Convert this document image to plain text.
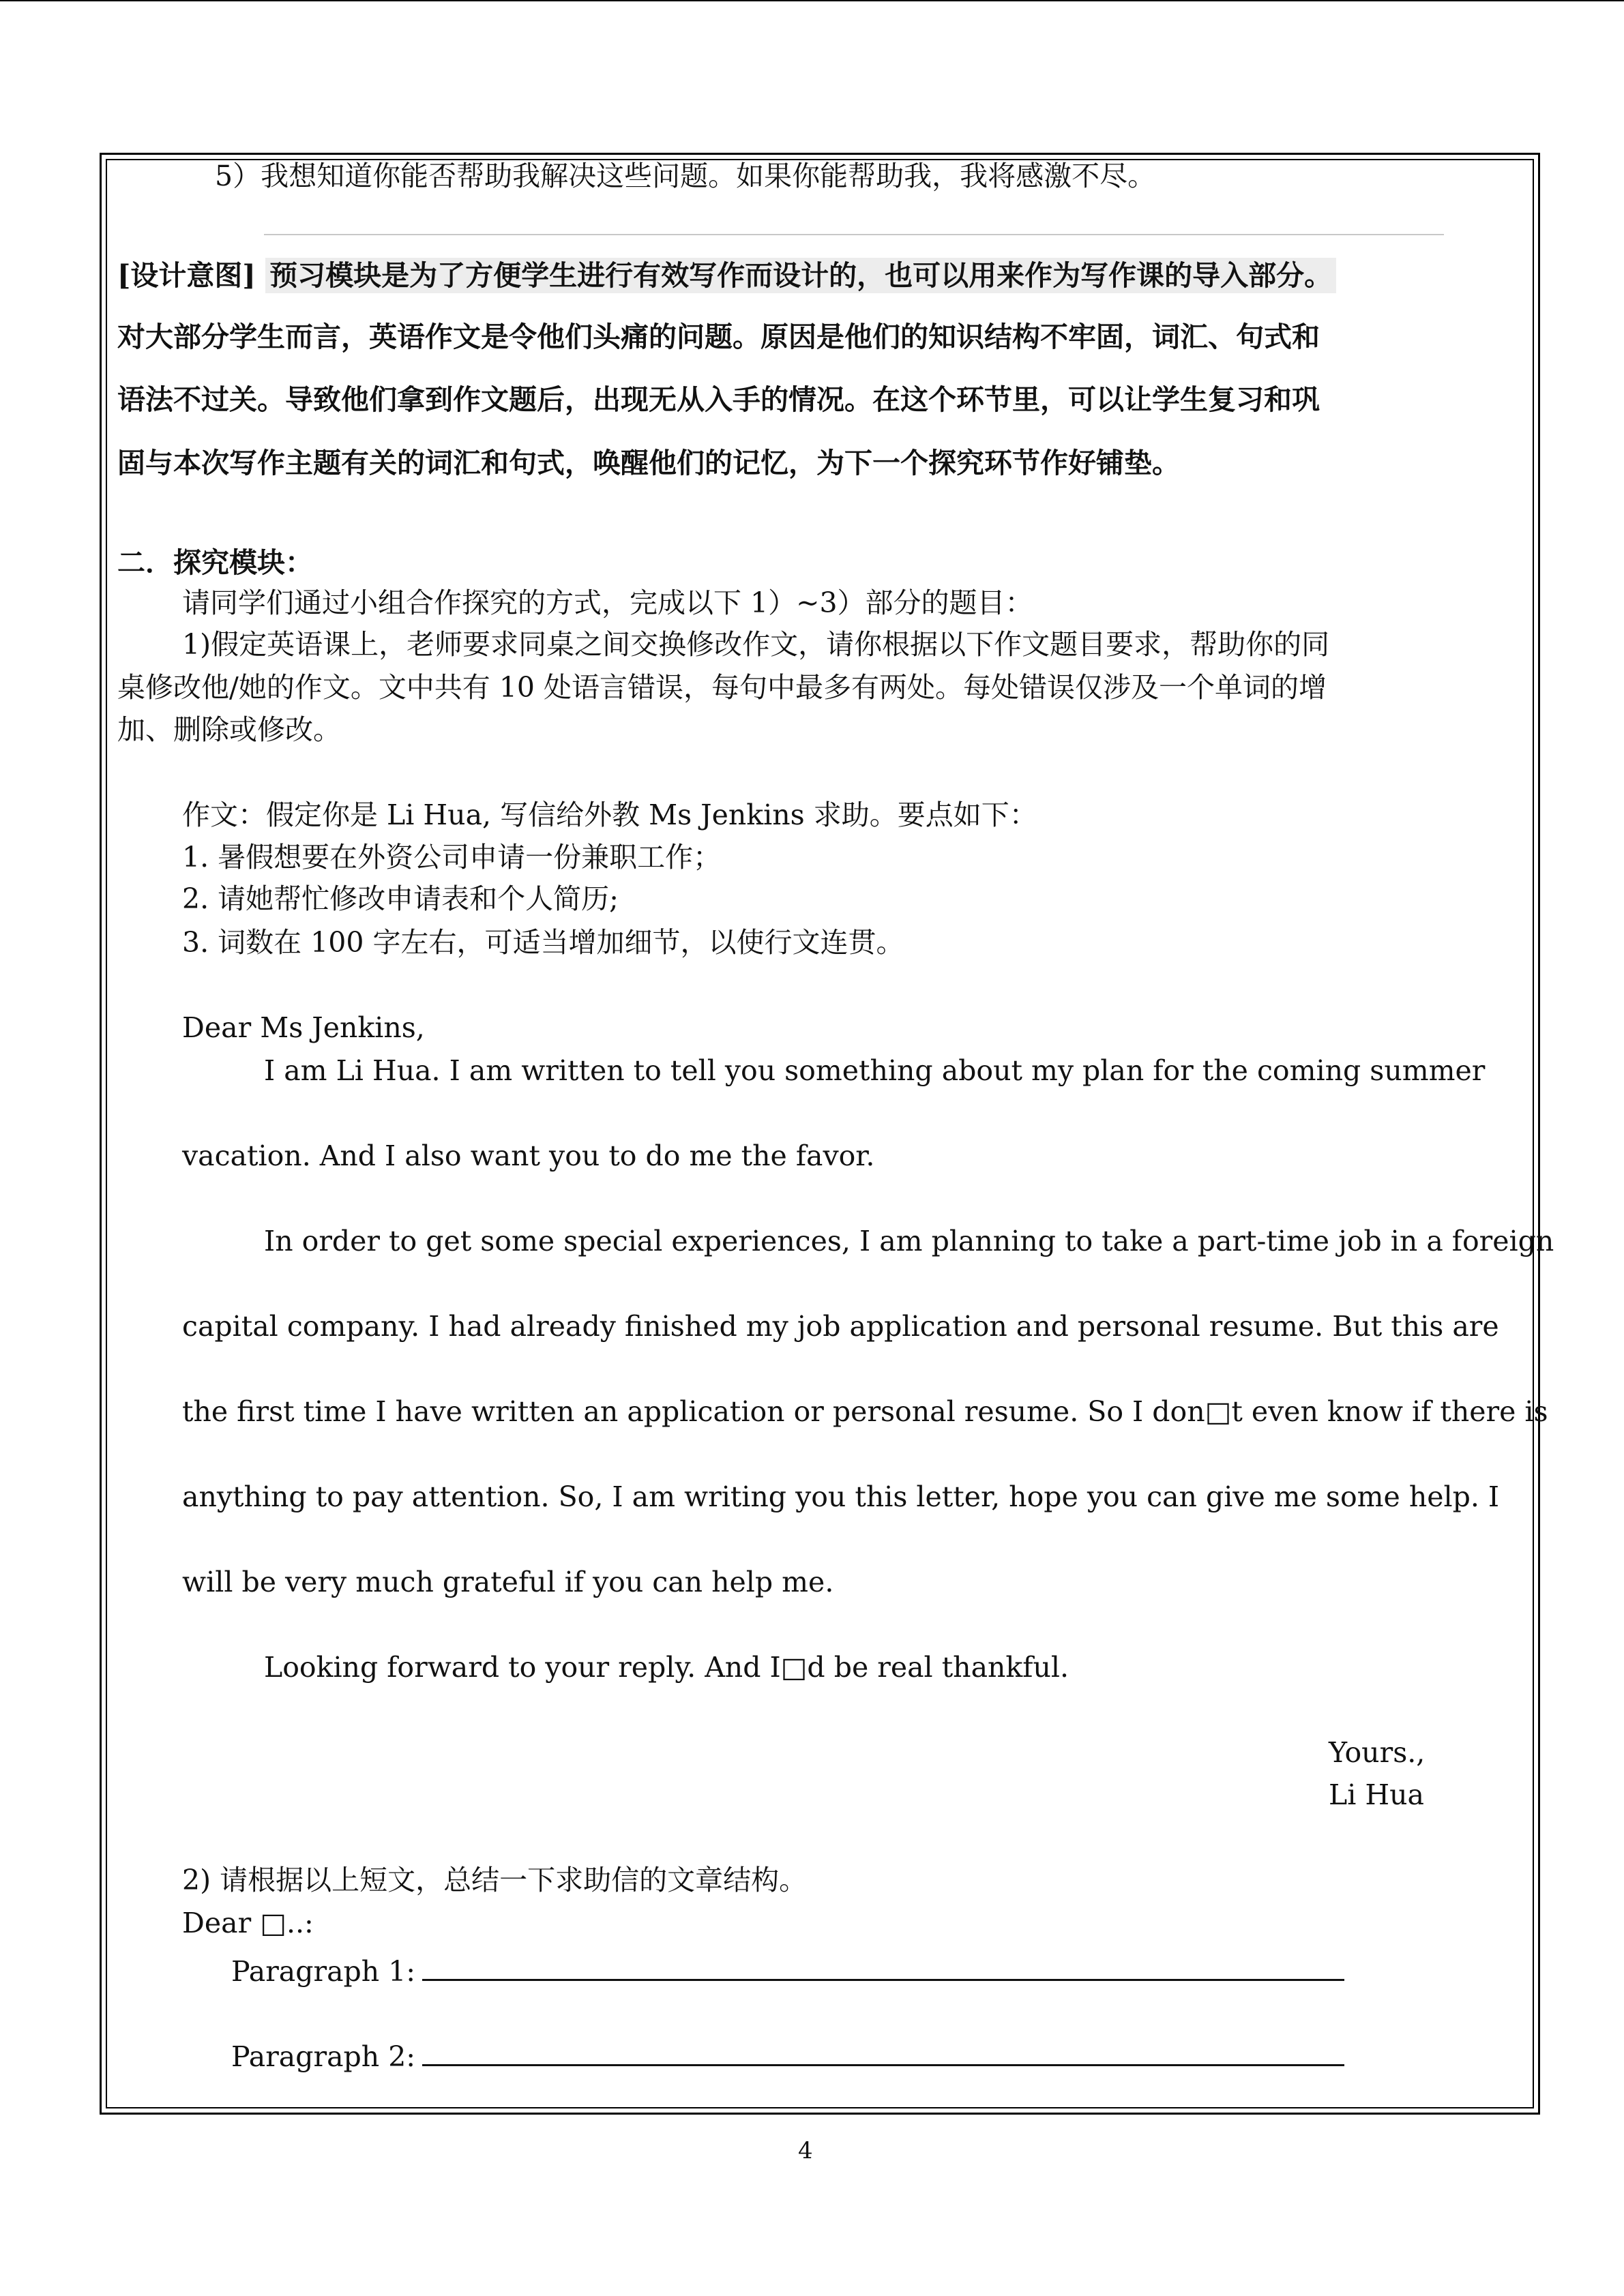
5）我想知道你能否帮助我解决这些问题。如果你能帮助我，我将感激不尽。
[设计意图] 预习模块是为了方便学生进行有效写作而设计的，也可以用来作为写作课的导入部分。
对大部分学生而言，英语作文是令他们头痛的问题。原因是他们的知识结构不牢固，词汇、句式和
语法不过关。导致他们拿到作文题后，出现无从入手的情况。在这个环节里，可以让学生复习和巩
固与本次写作主题有关的词汇和句式，唤醒他们的记忆，为下一个探究环节作好铺垫。
二．探究模块：
请同学们通过小组合作探究的方式，完成以下 1）~3）部分的题目：
1)假定英语课上，老师要求同桌之间交换修改作文，请你根据以下作文题目要求，帮助你的同
桌修改他/她的作文。文中共有 10 处语言错误，每句中最多有两处。每处错误仅涉及一个单词的增
加、删除或修改。
作文：假定你是 Li Hua, 写信给外教 Ms Jenkins 求助。要点如下：
1. 暑假想要在外资公司申请一份兼职工作；
2. 请她帮忙修改申请表和个人简历;
3. 词数在 100 字左右，可适当增加细节，以使行文连贯。
Dear Ms Jenkins,
I am Li Hua. I am written to tell you something about my plan for the coming summer
vacation. And I also want you to do me the favor.
In order to get some special experiences, I am planning to take a part-time job in a foreign
capital company. I had already finished my job application and personal resume. But this are
the first time I have written an application or personal resume. So I don□t even know if there is
anything to pay attention. So, I am writing you this letter, hope you can give me some help. I
will be very much grateful if you can help me.
Looking forward to your reply. And I□d be real thankful.
Yours.,
Li Hua
2) 请根据以上短文，总结一下求助信的文章结构。
Dear □..:
Paragraph 1:
Paragraph 2:
4
